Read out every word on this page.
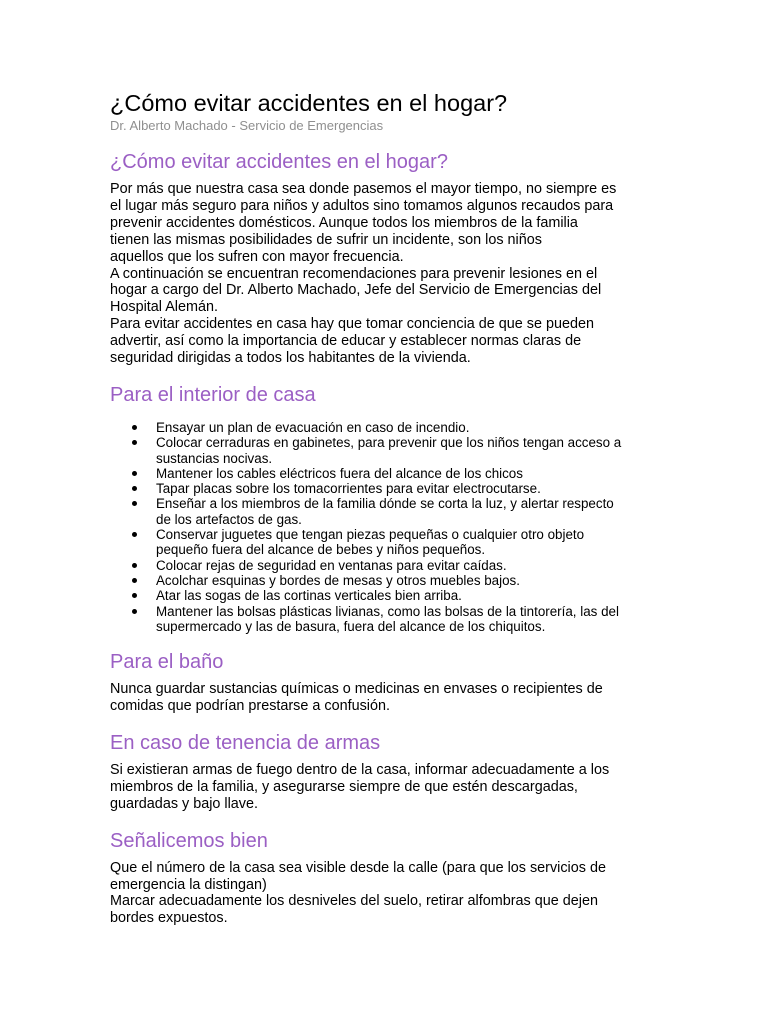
¿Cómo evitar accidentes en el hogar?
Dr. Alberto Machado - Servicio de Emergencias
¿Cómo evitar accidentes en el hogar?
Por más que nuestra casa sea donde pasemos el mayor tiempo, no siempre es
el lugar más seguro para niños y adultos sino tomamos algunos recaudos para
prevenir accidentes domésticos. Aunque todos los miembros de la familia
tienen las mismas posibilidades de sufrir un incidente, son los niños
aquellos que los sufren con mayor frecuencia.
A continuación se encuentran recomendaciones para prevenir lesiones en el
hogar a cargo del Dr. Alberto Machado, Jefe del Servicio de Emergencias del
Hospital Alemán.
Para evitar accidentes en casa hay que tomar conciencia de que se pueden
advertir, así como la importancia de educar y establecer normas claras de
seguridad dirigidas a todos los habitantes de la vivienda.
Para el interior de casa
Ensayar un plan de evacuación en caso de incendio.
Colocar cerraduras en gabinetes, para prevenir que los niños tengan acceso a
sustancias nocivas.
Mantener los cables eléctricos fuera del alcance de los chicos
Tapar placas sobre los tomacorrientes para evitar electrocutarse.
Enseñar a los miembros de la familia dónde se corta la luz, y alertar respecto
de los artefactos de gas.
Conservar juguetes que tengan piezas pequeñas o cualquier otro objeto
pequeño fuera del alcance de bebes y niños pequeños.
Colocar rejas de seguridad en ventanas para evitar caídas.
Acolchar esquinas y bordes de mesas y otros muebles bajos.
Atar las sogas de las cortinas verticales bien arriba.
Mantener las bolsas plásticas livianas, como las bolsas de la tintorería, las del
supermercado y las de basura, fuera del alcance de los chiquitos.
Para el baño
Nunca guardar sustancias químicas o medicinas en envases o recipientes de
comidas que podrían prestarse a confusión.
En caso de tenencia de armas
Si existieran armas de fuego dentro de la casa, informar adecuadamente a los
miembros de la familia, y asegurarse siempre de que estén descargadas,
guardadas y bajo llave.
Señalicemos bien
Que el número de la casa sea visible desde la calle (para que los servicios de
emergencia la distingan)
Marcar adecuadamente los desniveles del suelo, retirar alfombras que dejen
bordes expuestos.
